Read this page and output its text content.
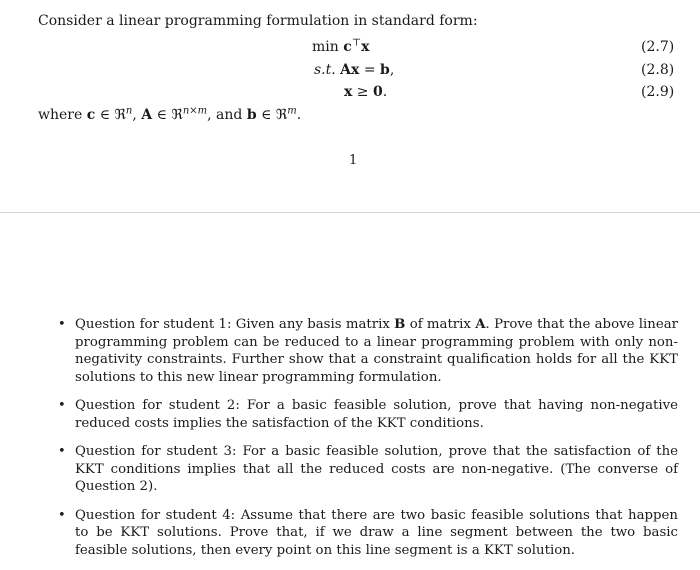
Consider a linear programming formulation in standard form:
min c⊤x	(2.7)
s.t. Ax = b,	(2.8)
x ≥ 0.	(2.9)
where c ∈ ℜ$^n$, A ∈ ℜ$^{n\times m}$, and b ∈ ℜ$^m$.
1
• Question for student 1: Given any basis matrix B of matrix A. Prove that the above linear programming problem can be reduced to a linear programming problem with only non-negativity constraints. Further show that a constraint qualification holds for all the KKT solutions to this new linear programming formulation.
• Question for student 2: For a basic feasible solution, prove that having non-negative reduced costs implies the satisfaction of the KKT conditions.
• Question for student 3: For a basic feasible solution, prove that the satisfaction of the KKT conditions implies that all the reduced costs are non-negative. (The converse of Question 2).
• Question for student 4: Assume that there are two basic feasible solutions that happen to be KKT solutions. Prove that, if we draw a line segment between the two basic feasible solutions, then every point on this line segment is a KKT solution.
